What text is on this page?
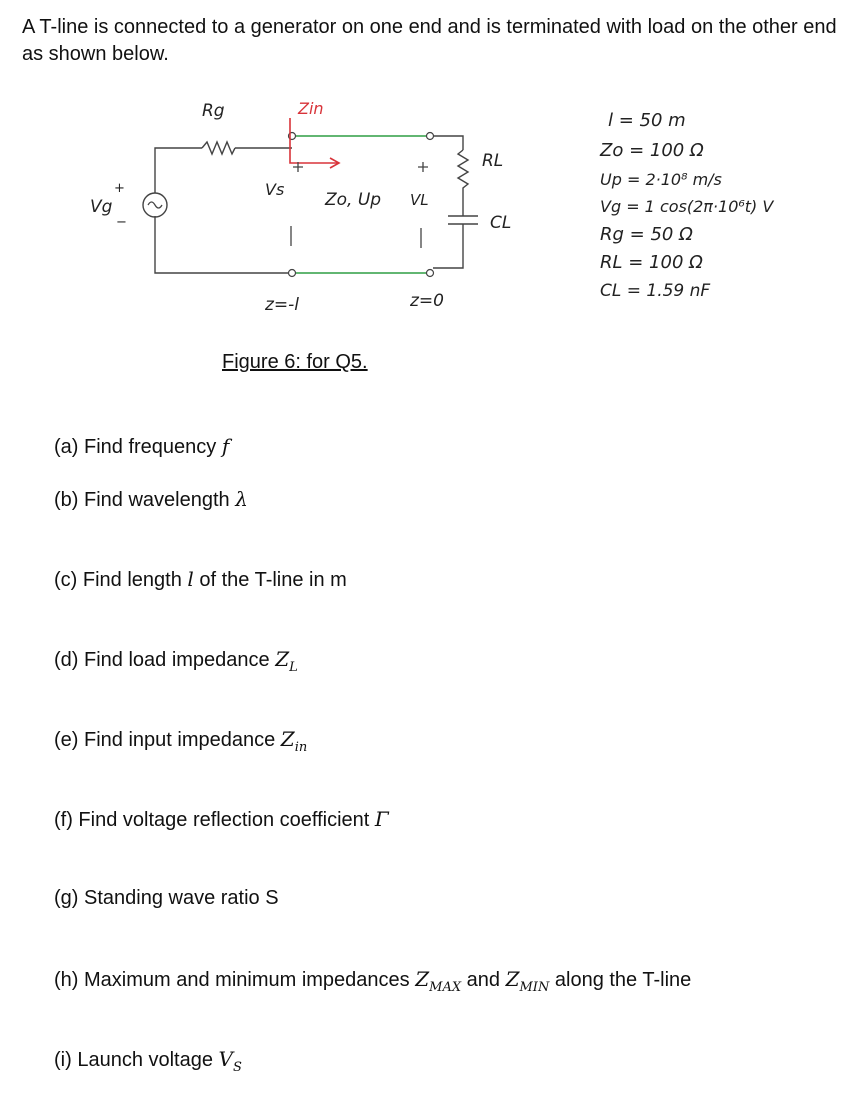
A T-line is connected to a generator on one end and is terminated with load on the other end as shown below.

Rg	Zin
Vg
+
−
Vs
Zo, Up VL
RL
CL
z=-l	z=0
l = 50 m
Zo = 100 Ω
Up = 2·10⁸ m/s
Vg = 1 cos(2π·10⁶t) V
Rg = 50 Ω
RL = 100 Ω
CL = 1.59 nF

Figure 6: for Q5.

(a) Find frequency f

(b) Find wavelength λ

(c) Find length l of the T-line in m

(d) Find load impedance $Z_L$

(e) Find input impedance $Z_{in}$

(f) Find voltage reflection coefficient Γ

(g) Standing wave ratio S

(h) Maximum and minimum impedances $Z_{MAX}$ and $Z_{MIN}$ along the T-line

(i) Launch voltage $V_S$
